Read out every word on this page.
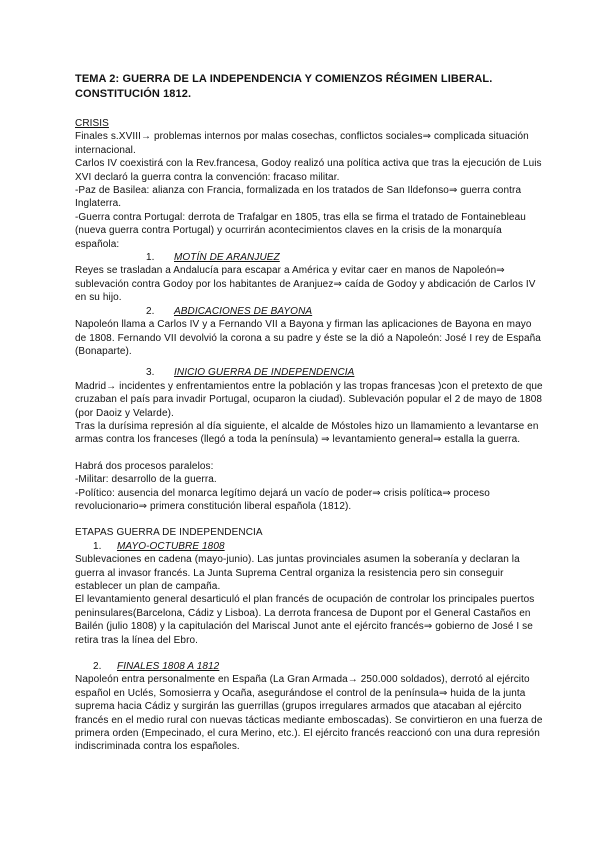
TEMA 2: GUERRA DE LA INDEPENDENCIA Y COMIENZOS RÉGIMEN LIBERAL. CONSTITUCIÓN 1812.

CRISIS

Finales s.XVIII→ problemas internos por malas cosechas, conflictos sociales⇒ complicada situación internacional.

Carlos IV coexistirá con la Rev.francesa, Godoy realizó una política activa que tras la ejecución de Luis XVI declaró la guerra contra la convención: fracaso militar.

-Paz de Basilea: alianza con Francia, formalizada en los tratados de San Ildefonso⇒ guerra contra Inglaterra.

-Guerra contra Portugal: derrota de Trafalgar en 1805, tras ella se firma el tratado de Fontainebleau (nueva guerra contra Portugal) y ocurrirán acontecimientos claves en la crisis de la monarquía española:

1. MOTÍN DE ARANJUEZ

Reyes se trasladan a Andalucía para escapar a América y evitar caer en manos de Napoleón⇒ sublevación contra Godoy por los habitantes de Aranjuez⇒ caída de Godoy y abdicación de Carlos IV en su hijo.

2. ABDICACIONES DE BAYONA

Napoleón llama a Carlos IV y a Fernando VII a Bayona y firman las aplicaciones de Bayona en mayo de 1808. Fernando VII devolvió la corona a su padre y éste se la dió a Napoleón: José I rey de España (Bonaparte).

3. INICIO GUERRA DE INDEPENDENCIA

Madrid→ incidentes y enfrentamientos entre la población y las tropas francesas )con el pretexto de que cruzaban el país para invadir Portugal, ocuparon la ciudad). Sublevación popular el 2 de mayo de 1808 (por Daoiz y Velarde).

Tras la durísima represión al día siguiente, el alcalde de Móstoles hizo un llamamiento a levantarse en armas contra los franceses (llegó a toda la península) ⇒ levantamiento general⇒ estalla la guerra.

Habrá dos procesos paralelos:

-Militar: desarrollo de la guerra.

-Político: ausencia del monarca legítimo dejará un vacío de poder⇒ crisis política⇒ proceso revolucionario⇒ primera constitución liberal española (1812).

ETAPAS GUERRA DE INDEPENDENCIA

1. MAYO-OCTUBRE 1808

Sublevaciones en cadena (mayo-junio). Las juntas provinciales asumen la soberanía y declaran la guerra al invasor francés. La Junta Suprema Central organiza la resistencia pero sin conseguir establecer un plan de campaña.

El levantamiento general desarticuló el plan francés de ocupación de controlar los principales puertos peninsulares(Barcelona, Cádiz y Lisboa). La derrota francesa de Dupont por el General Castaños en Bailén (julio 1808) y la capitulación del Mariscal Junot ante el ejército francés⇒ gobierno de José I se retira tras la línea del Ebro.

2. FINALES 1808 A 1812

Napoleón entra personalmente en España (La Gran Armada→ 250.000 soldados), derrotó al ejército español en Uclés, Somosierra y Ocaña, asegurándose el control de la península⇒ huida de la junta suprema hacia Cádiz y surgirán las guerrillas (grupos irregulares armados que atacaban al ejército francés en el medio rural con nuevas tácticas mediante emboscadas). Se convirtieron en una fuerza de primera orden (Empecinado, el cura Merino, etc.). El ejército francés reaccionó con una dura represión indiscriminada contra los españoles.
